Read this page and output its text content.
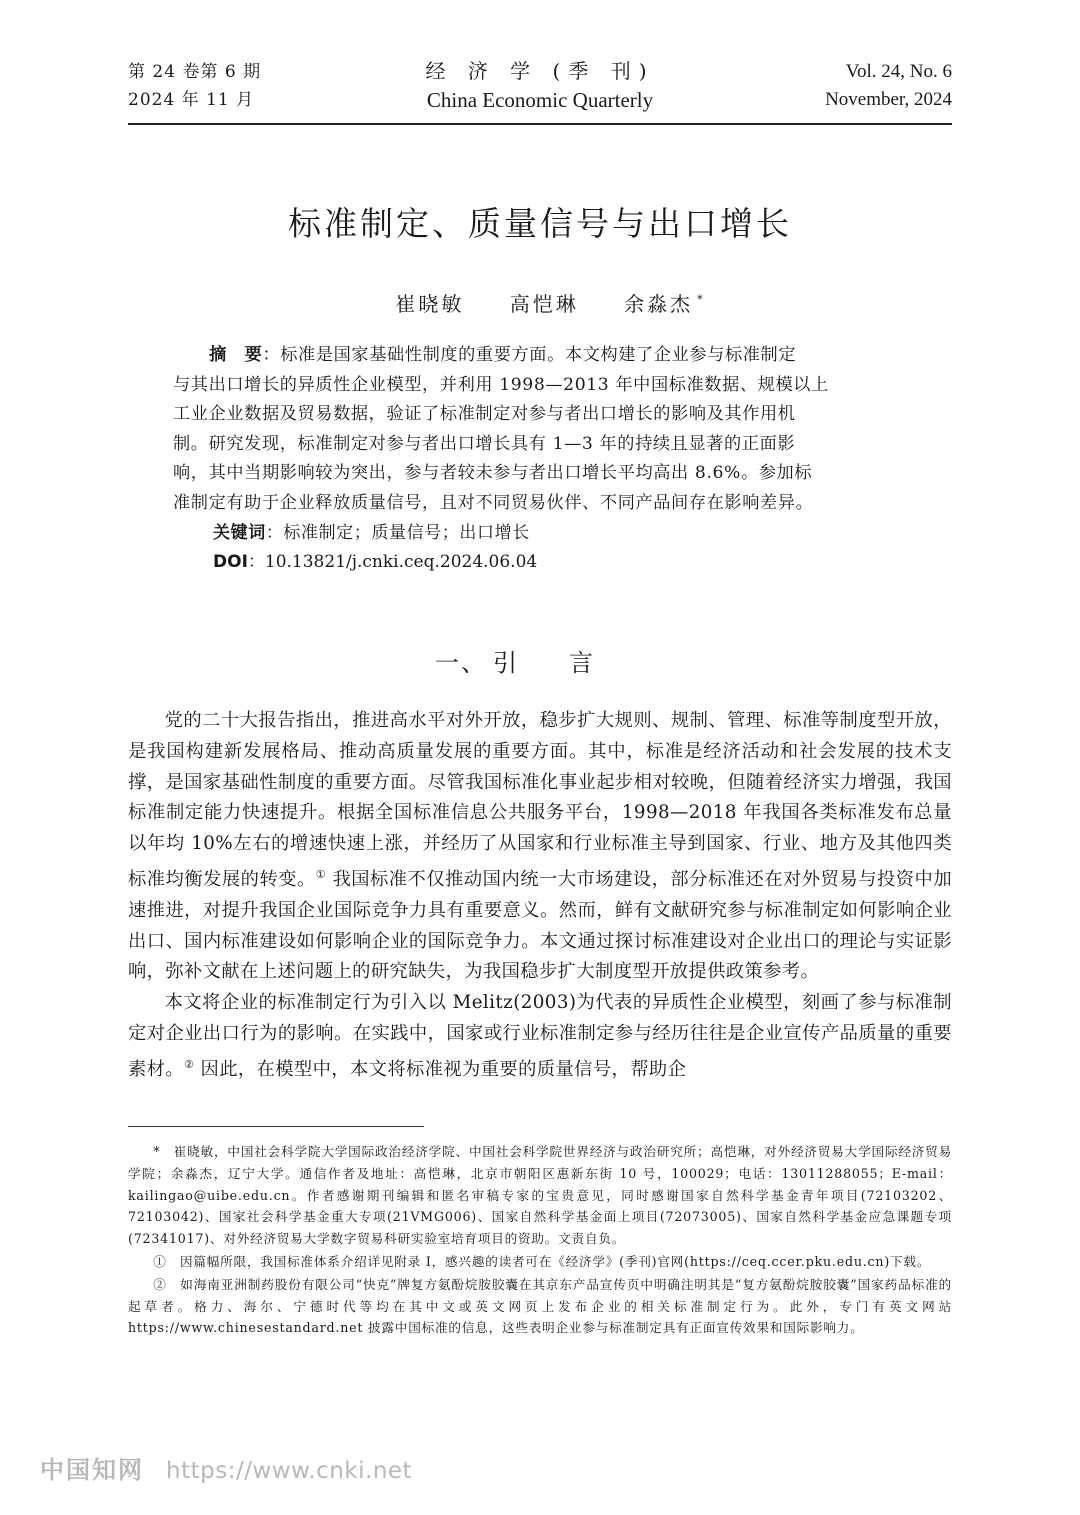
第 24 卷第 6 期
2024 年 11 月
经 济 学 (季 刊)
China Economic Quarterly
Vol. 24, No. 6
November, 2024
标准制定、质量信号与出口增长
崔晓敏 高恺琳 余淼杰 *
摘　要：标准是国家基础性制度的重要方面。本文构建了企业参与标准制定
与其出口增长的异质性企业模型，并利用 1998—2013 年中国标准数据、规模以上
工业企业数据及贸易数据，验证了标准制定对参与者出口增长的影响及其作用机
制。研究发现，标准制定对参与者出口增长具有 1—3 年的持续且显著的正面影
响，其中当期影响较为突出，参与者较未参与者出口增长平均高出 8.6%。参加标
准制定有助于企业释放质量信号，且对不同贸易伙伴、不同产品间存在影响差异。
关键词：标准制定；质量信号；出口增长
DOI：10.13821/j.cnki.ceq.2024.06.04
一、 引言

党的二十大报告指出，推进高水平对外开放，稳步扩大规则、规制、管理、标准等制度型开放，是我国构建新发展格局、推动高质量发展的重要方面。其中，标准是经济活动和社会发展的技术支撑，是国家基础性制度的重要方面。尽管我国标准化事业起步相对较晚，但随着经济实力增强，我国标准制定能力快速提升。根据全国标准信息公共服务平台，1998—2018 年我国各类标准发布总量以年均 10%左右的增速快速上涨，并经历了从国家和行业标准主导到国家、行业、地方及其他四类标准均衡发展的转变。① 我国标准不仅推动国内统一大市场建设，部分标准还在对外贸易与投资中加速推进，对提升我国企业国际竞争力具有重要意义。然而，鲜有文献研究参与标准制定如何影响企业出口、国内标准建设如何影响企业的国际竞争力。本文通过探讨标准建设对企业出口的理论与实证影响，弥补文献在上述问题上的研究缺失，为我国稳步扩大制度型开放提供政策参考。

本文将企业的标准制定行为引入以 Melitz(2003)为代表的异质性企业模型，刻画了参与标准制定对企业出口行为的影响。在实践中，国家或行业标准制定参与经历往往是企业宣传产品质量的重要素材。② 因此，在模型中，本文将标准视为重要的质量信号，帮助企

*　崔晓敏，中国社会科学院大学国际政治经济学院、中国社会科学院世界经济与政治研究所；高恺琳，对外经济贸易大学国际经济贸易学院；余淼杰，辽宁大学。通信作者及地址：高恺琳，北京市朝阳区惠新东街 10 号，100029；电话：13011288055；E-mail：kailingao@uibe.edu.cn。作者感谢期刊编辑和匿名审稿专家的宝贵意见，同时感谢国家自然科学基金青年项目(72103202、72103042)、国家社会科学基金重大专项(21VMG006)、国家自然科学基金面上项目(72073005)、国家自然科学基金应急课题专项(72341017)、对外经济贸易大学数字贸易科研实验室培育项目的资助。文责自负。

①　因篇幅所限，我国标准体系介绍详见附录 I，感兴趣的读者可在《经济学》(季刊)官网(https://ceq.ccer.pku.edu.cn)下载。

②　如海南亚洲制药股份有限公司“快克”牌复方氨酚烷胺胶囊在其京东产品宣传页中明确注明其是“复方氨酚烷胺胶囊”国家药品标准的起草者。格力、海尔、宁德时代等均在其中文或英文网页上发布企业的相关标准制定行为。此外，专门有英文网站 https://www.chinesestandard.net 披露中国标准的信息，这些表明企业参与标准制定具有正面宣传效果和国际影响力。

中国知网 https://www.cnki.net
